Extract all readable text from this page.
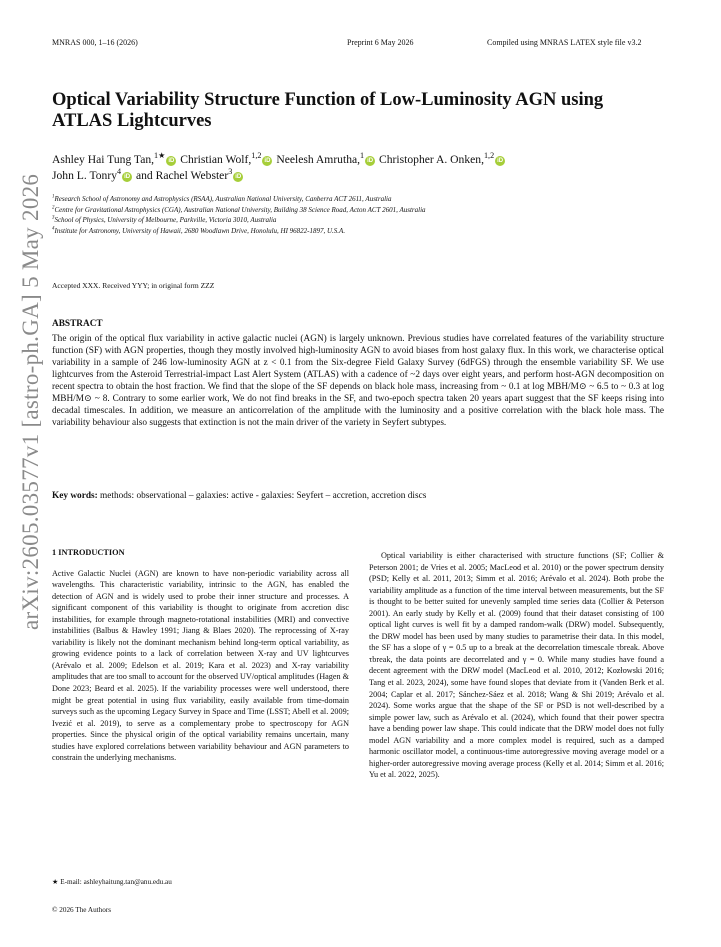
MNRAS 000, 1–16 (2026)	Preprint 6 May 2026	Compiled using MNRAS LATEX style file v3.2
arXiv:2605.03577v1 [astro-ph.GA] 5 May 2026
Optical Variability Structure Function of Low-Luminosity AGN using ATLAS Lightcurves
Ashley Hai Tung Tan,$^{1★}$iD Christian Wolf,$^{1,2}$iD Neelesh Amrutha,$^1$iD Christopher A. Onken,$^{1,2}$iD
John L. Tonry$^4$iD and Rachel Webster$^3$iD
$^1$Research School of Astronomy and Astrophysics (RSAA), Australian National University, Canberra ACT 2611, Australia
$^2$Centre for Gravitational Astrophysics (CGA), Australian National University, Building 38 Science Road, Acton ACT 2601, Australia
$^3$School of Physics, University of Melbourne, Parkville, Victoria 3010, Australia
$^4$Institute for Astronomy, University of Hawaii, 2680 Woodlawn Drive, Honolulu, HI 96822-1897, U.S.A.
Accepted XXX. Received YYY; in original form ZZZ
ABSTRACT
The origin of the optical flux variability in active galactic nuclei (AGN) is largely unknown. Previous studies have correlated features of the variability structure function (SF) with AGN properties, though they mostly involved high-luminosity AGN to avoid biases from host galaxy flux. In this work, we characterise optical variability in a sample of 246 low-luminosity AGN at z < 0.1 from the Six-degree Field Galaxy Survey (6dFGS) through the ensemble variability SF. We use lightcurves from the Asteroid Terrestrial-impact Last Alert System (ATLAS) with a cadence of ~2 days over eight years, and perform host-AGN decomposition on recent spectra to obtain the host fraction. We find that the slope of the SF depends on black hole mass, increasing from ~ 0.1 at log MBH/M⊙ ~ 6.5 to ~ 0.3 at log MBH/M⊙ ~ 8. Contrary to some earlier work, We do not find breaks in the SF, and two-epoch spectra taken 20 years apart suggest that the SF keeps rising into decadal timescales. In addition, we measure an anticorrelation of the amplitude with the luminosity and a positive correlation with the black hole mass. The variability behaviour also suggests that extinction is not the main driver of the variety in Seyfert subtypes.
Key words: methods: observational – galaxies: active - galaxies: Seyfert – accretion, accretion discs
1 INTRODUCTION
Active Galactic Nuclei (AGN) are known to have non-periodic variability across all wavelengths. This characteristic variability, intrinsic to the AGN, has enabled the detection of AGN and is widely used to probe their inner structure and processes. A significant component of this variability is thought to originate from accretion disc instabilities, for example through magneto-rotational instabilities (MRI) and convective instabilities (Balbus & Hawley 1991; Jiang & Blaes 2020). The reprocessing of X-ray variability is likely not the dominant mechanism behind long-term optical variability, as growing evidence points to a lack of correlation between X-ray and UV lightcurves (Arévalo et al. 2009; Edelson et al. 2019; Kara et al. 2023) and X-ray variability amplitudes that are too small to account for the observed UV/optical amplitudes (Hagen & Done 2023; Beard et al. 2025). If the variability processes were well understood, there might be great potential in using flux variability, easily available from time-domain surveys such as the upcoming Legacy Survey in Space and Time (LSST; Abell et al. 2009; Ivezić et al. 2019), to serve as a complementary probe to spectroscopy for AGN properties. Since the physical origin of the optical variability remains uncertain, many studies have explored correlations between variability behaviour and AGN parameters to constrain the underlying mechanisms.
Optical variability is either characterised with structure functions (SF; Collier & Peterson 2001; de Vries et al. 2005; MacLeod et al. 2010) or the power spectrum density (PSD; Kelly et al. 2011, 2013; Simm et al. 2016; Arévalo et al. 2024). Both probe the variability amplitude as a function of the time interval between measurements, but the SF is thought to be better suited for unevenly sampled time series data (Collier & Peterson 2001). An early study by Kelly et al. (2009) found that their dataset consisting of 100 optical light curves is well fit by a damped random-walk (DRW) model. Subsequently, the DRW model has been used by many studies to parametrise their data. In this model, the SF has a slope of γ = 0.5 up to a break at the decorrelation timescale τbreak. Above τbreak, the data points are decorrelated and γ = 0. While many studies have found a decent agreement with the DRW model (MacLeod et al. 2010, 2012; Kozłowski 2016; Tang et al. 2023, 2024), some have found slopes that deviate from it (Vanden Berk et al. 2004; Caplar et al. 2017; Sánchez-Sáez et al. 2018; Wang & Shi 2019; Arévalo et al. 2024). Some works argue that the shape of the SF or PSD is not well-described by a simple power law, such as Arévalo et al. (2024), which found that their power spectra have a bending power law shape. This could indicate that the DRW model does not fully model AGN variability and a more complex model is required, such as a damped harmonic oscillator model, a continuous-time autoregressive moving average model or a higher-order autoregressive moving average process (Kelly et al. 2014; Simm et al. 2016; Yu et al. 2022, 2025).
★ E-mail: ashleyhaitung.tan@anu.edu.au
© 2026 The Authors
